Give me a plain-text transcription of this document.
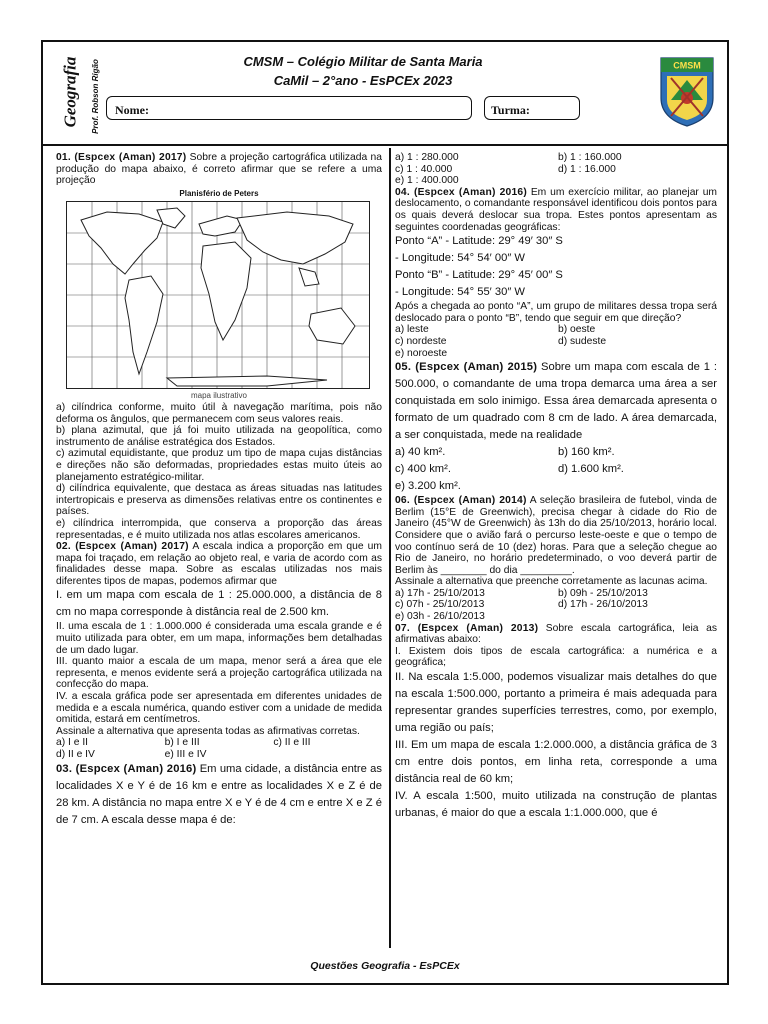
Geografia Prof. Robson Rigão	CMSM – Colégio Militar de Santa Maria
CaMil – 2°ano - EsPCEx 2023
Nome:	Turma:
CMSM

01. (Espcex (Aman) 2017) Sobre a projeção cartográfica utilizada na produção do mapa abaixo, é correto afirmar que se refere a uma projeção

Planisfério de Peters
mapa ilustrativo

a) cilíndrica conforme, muito útil à navegação marítima, pois não deforma os ângulos, que permanecem com seus valores reais.

b) plana azimutal, que já foi muito utilizada na geopolítica, como instrumento de análise estratégica dos Estados.

c) azimutal equidistante, que produz um tipo de mapa cujas distâncias e direções não são deformadas, propriedades estas muito úteis ao planejamento estratégico-militar.

d) cilíndrica equivalente, que destaca as áreas situadas nas latitudes intertropicais e preserva as dimensões relativas entre os continentes e países.

e) cilíndrica interrompida, que conserva a proporção das áreas representadas, e é muito utilizada nos atlas escolares americanos.

02. (Espcex (Aman) 2017) A escala indica a proporção em que um mapa foi traçado, em relação ao objeto real, e varia de acordo com as finalidades desse mapa. Sobre as escalas utilizadas nos mais diferentes tipos de mapas, podemos afirmar que

I. em um mapa com escala de 1 : 25.000.000, a distância de 8 cm no mapa corresponde à distância real de 2.500 km.

II. uma escala de 1 : 1.000.000 é considerada uma escala grande e é muito utilizada para obter, em um mapa, informações bem detalhadas de um dado lugar.

III. quanto maior a escala de um mapa, menor será a área que ele representa, e menos evidente será a projeção cartográfica utilizada na confecção do mapa.

IV. a escala gráfica pode ser apresentada em diferentes unidades de medida e a escala numérica, quando estiver com a unidade de medida omitida, estará em centímetros.

Assinale a alternativa que apresenta todas as afirmativas corretas.

a) I e II	b) I e III	c) II e III
d) II e IV	e) III e IV

03. (Espcex (Aman) 2016) Em uma cidade, a distância entre as localidades X e Y é de 16 km e entre as localidades X e Z é de 28 km. A distância no mapa entre X e Y é de 4 cm e entre X e Z é de 7 cm. A escala desse mapa é de:

a) 1 : 280.000	b) 1 : 160.000
c) 1 : 40.000	d) 1 : 16.000
e) 1 : 400.000

04. (Espcex (Aman) 2016) Em um exercício militar, ao planejar um deslocamento, o comandante responsável identificou dois pontos para os quais deverá deslocar sua tropa. Estes pontos apresentam as seguintes coordenadas geográficas:

Ponto “A” - Latitude: 29° 49′ 30″ S

- Longitude: 54° 54′ 00″ W

Ponto “B” - Latitude: 29° 45′ 00″ S

- Longitude: 54° 55′ 30″ W

Após a chegada ao ponto “A”, um grupo de militares dessa tropa será deslocado para o ponto “B”, tendo que seguir em que direção?

a) leste	b) oeste
c) nordeste	d) sudeste
e) noroeste

05. (Espcex (Aman) 2015) Sobre um mapa com escala de 1 : 500.000, o comandante de uma tropa demarca uma área a ser conquistada em solo inimigo. Essa área demarcada apresenta o formato de um quadrado com 8 cm de lado. A área demarcada, a ser conquistada, mede na realidade

a) 40 km².	b) 160 km².
c) 400 km².	d) 1.600 km².
e) 3.200 km².

06. (Espcex (Aman) 2014) A seleção brasileira de futebol, vinda de Berlim (15°E de Greenwich), precisa chegar à cidade do Rio de Janeiro (45°W de Greenwich) às 13h do dia 25/10/2013, horário local. Considere que o avião fará o percurso leste-oeste e que o tempo de voo contínuo será de 10 (dez) horas. Para que a seleção chegue ao Rio de Janeiro, no horário predeterminado, o voo deverá partir de Berlim às ________ do dia _________.

Assinale a alternativa que preenche corretamente as lacunas acima.

a) 17h - 25/10/2013	b) 09h - 25/10/2013
c) 07h - 25/10/2013	d) 17h - 26/10/2013
e) 03h - 26/10/2013

07. (Espcex (Aman) 2013) Sobre escala cartográfica, leia as afirmativas abaixo:

I. Existem dois tipos de escala cartográfica: a numérica e a geográfica;

II. Na escala 1:5.000, podemos visualizar mais detalhes do que na escala 1:500.000, portanto a primeira é mais adequada para representar grandes superfícies terrestres, como, por exemplo, uma região ou país;

III. Em um mapa de escala 1:2.000.000, a distância gráfica de 3 cm entre dois pontos, em linha reta, corresponde a uma distância real de 60 km;

IV. A escala 1:500, muito utilizada na construção de plantas urbanas, é maior do que a escala 1:1.000.000, que é

Questões Geografia - EsPCEx
